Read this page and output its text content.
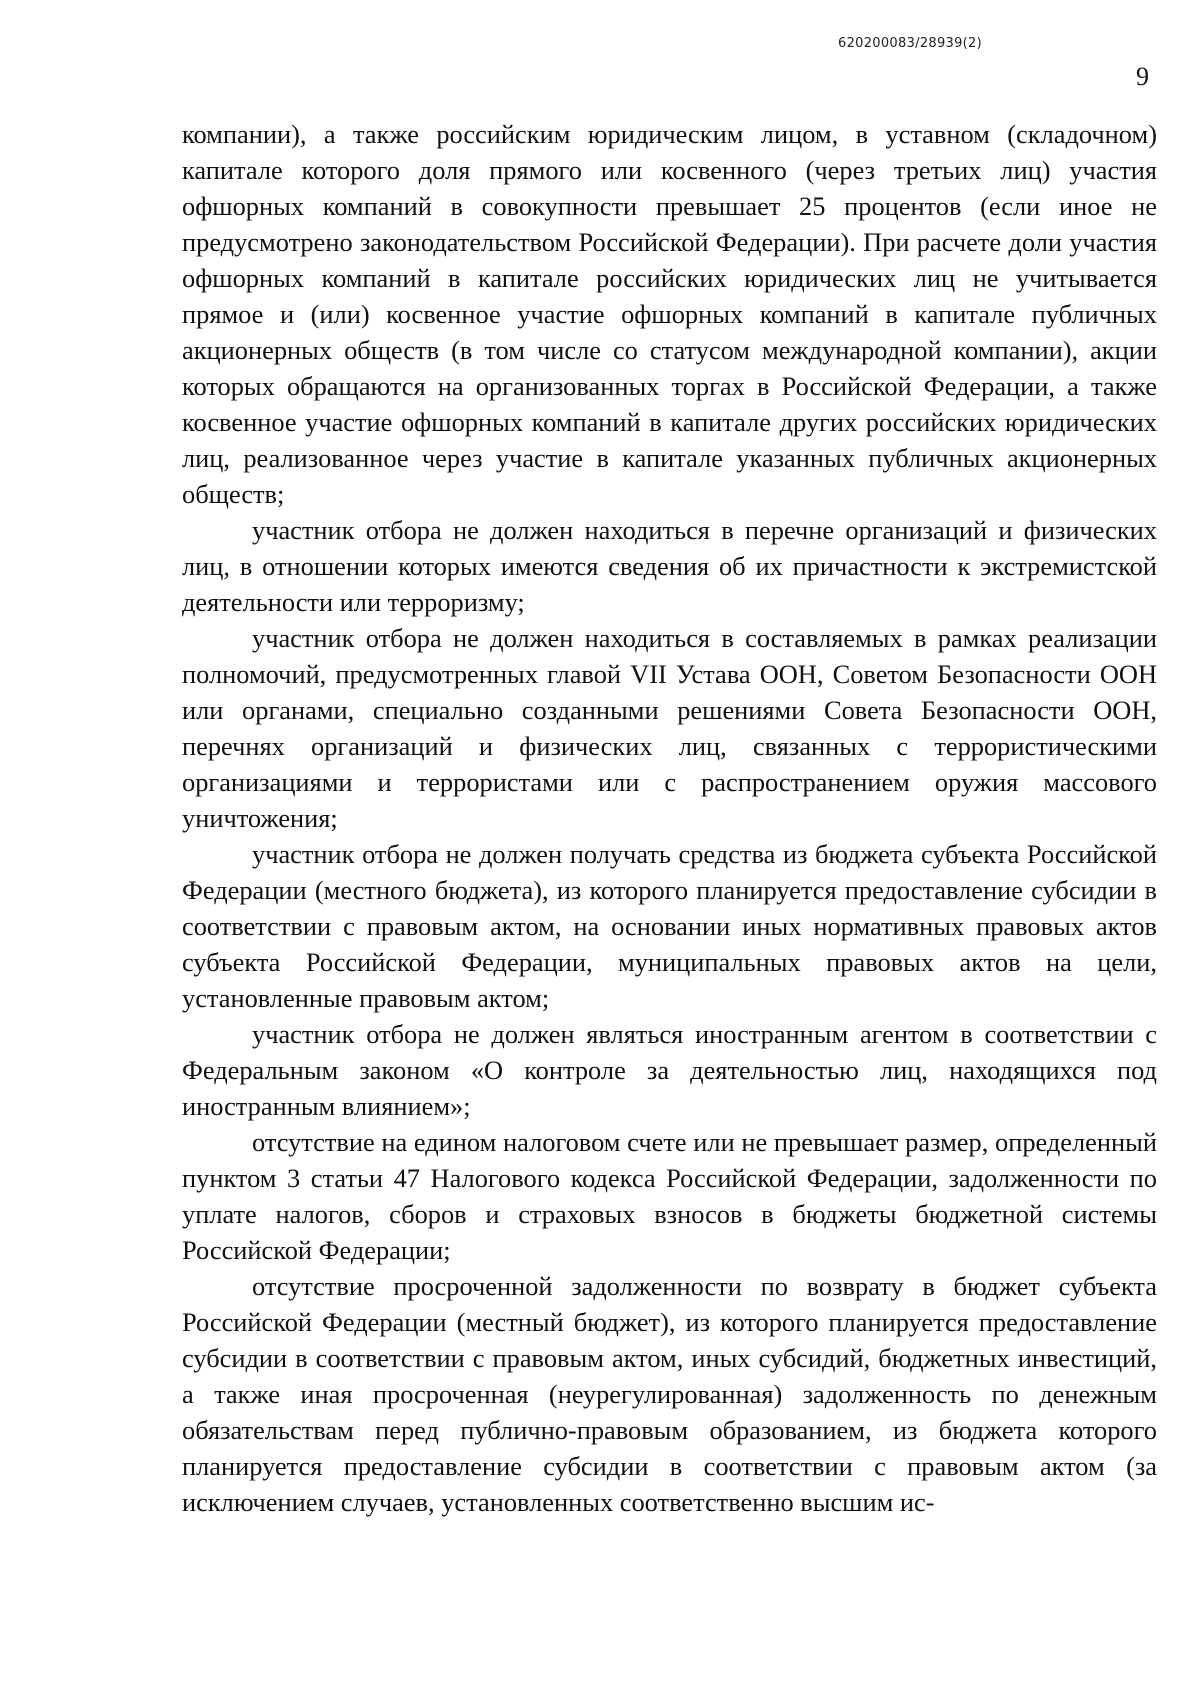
620200083/28939(2)
9

компании), а также российским юридическим лицом, в уставном (складочном) капитале которого доля прямого или косвенного (через третьих лиц) участия офшорных компаний в совокупности превышает 25 процентов (если иное не предусмотрено законодательством Российской Федерации). При расчете доли участия офшорных компаний в капитале российских юридических лиц не учитывается прямое и (или) косвенное участие офшорных компаний в капитале публичных акционерных обществ (в том числе со статусом международной компании), акции которых обращаются на организованных торгах в Российской Федерации, а также косвенное участие офшорных компаний в капитале других российских юридических лиц, реализованное через участие в капитале указанных публичных акционерных обществ;

участник отбора не должен находиться в перечне организаций и физических лиц, в отношении которых имеются сведения об их причастности к экстремистской деятельности или терроризму;

участник отбора не должен находиться в составляемых в рамках реализации полномочий, предусмотренных главой VII Устава ООН, Советом Безопасности ООН или органами, специально созданными решениями Совета Безопасности ООН, перечнях организаций и физических лиц, связанных с террористическими организациями и террористами или с распространением оружия массового уничтожения;

участник отбора не должен получать средства из бюджета субъекта Российской Федерации (местного бюджета), из которого планируется предоставление субсидии в соответствии с правовым актом, на основании иных нормативных правовых актов субъекта Российской Федерации, муниципальных правовых актов на цели, установленные правовым актом;

участник отбора не должен являться иностранным агентом в соответствии с Федеральным законом «О контроле за деятельностью лиц, находящихся под иностранным влиянием»;

отсутствие на едином налоговом счете или не превышает размер, определенный пунктом 3 статьи 47 Налогового кодекса Российской Федерации, задолженности по уплате налогов, сборов и страховых взносов в бюджеты бюджетной системы Российской Федерации;

отсутствие просроченной задолженности по возврату в бюджет субъекта Российской Федерации (местный бюджет), из которого планируется предоставление субсидии в соответствии с правовым актом, иных субсидий, бюджетных инвестиций, а также иная просроченная (неурегулированная) задолженность по денежным обязательствам перед публично-правовым образованием, из бюджета которого планируется предоставление субсидии в соответствии с правовым актом (за исключением случаев, установленных соответственно высшим ис-
